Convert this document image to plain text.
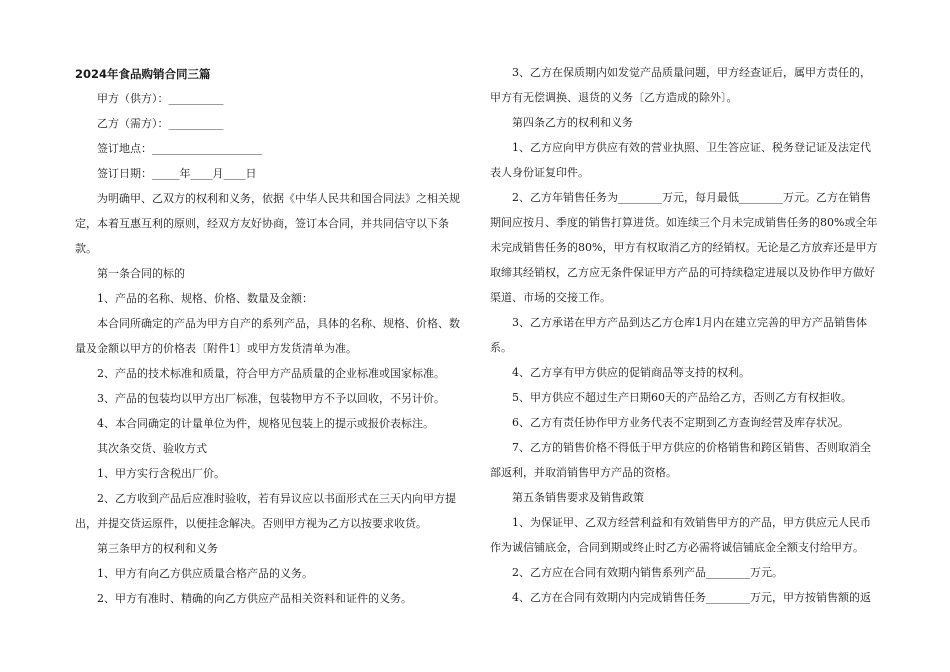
2024年食品购销合同三篇
甲方（供方）：__________
乙方（需方）：__________
签订地点：____________________
签订日期：_____年____月____日
为明确甲、乙双方的权利和义务，依据《中华人民共和国合同法》之相关规定，本着互惠互利的原则，经双方友好协商，签订本合同，并共同信守以下条款。
第一条合同的标的
1、产品的名称、规格、价格、数量及金额：
本合同所确定的产品为甲方自产的系列产品，具体的名称、规格、价格、数量及金额以甲方的价格表〔附件1〕或甲方发货清单为准。
2、产品的技术标准和质量，符合甲方产品质量的企业标准或国家标准。
3、产品的包装均以甲方出厂标准，包装物甲方不予以回收，不另计价。
4、本合同确定的计量单位为件，规格见包装上的提示或报价表标注。
其次条交货、验收方式
1、甲方实行含税出厂价。
2、乙方收到产品后应准时验收，若有异议应以书面形式在三天内向甲方提出，并提交货运原件，以便挂念解决。否则甲方视为乙方以按要求收货。
第三条甲方的权利和义务
1、甲方有向乙方供应质量合格产品的义务。
2、甲方有准时、精确的向乙方供应产品相关资料和证件的义务。
3、乙方在保质期内如发觉产品质量问题，甲方经查证后，属甲方责任的，甲方有无偿调换、退货的义务〔乙方造成的除外〕。
第四条乙方的权利和义务
1、乙方应向甲方供应有效的营业执照、卫生答应证、税务登记证及法定代表人身份证复印件。
2、乙方年销售任务为________万元，每月最低________万元。乙方在销售期间应按月、季度的销售打算进货。如连续三个月未完成销售任务的80%或全年未完成销售任务的80%，甲方有权取消乙方的经销权。无论是乙方放弃还是甲方取缔其经销权，乙方应无条件保证甲方产品的可持续稳定进展以及协作甲方做好渠道、市场的交接工作。
3、乙方承诺在甲方产品到达乙方仓库1月内在建立完善的甲方产品销售体系。
4、乙方享有甲方供应的促销商品等支持的权利。
5、甲方供应不超过生产日期60天的产品给乙方，否则乙方有权拒收。
6、乙方有责任协作甲方业务代表不定期到乙方查询经营及库存状况。
7、乙方的销售价格不得低于甲方供应的价格销售和跨区销售、否则取消全部返利，并取消销售甲方产品的资格。
第五条销售要求及销售政策
1、为保证甲、乙双方经营利益和有效销售甲方的产品，甲方供应元人民币作为诚信铺底金，合同到期或终止时乙方必需将诚信铺底金全额支付给甲方。
2、乙方应在合同有效期内销售系列产品________万元。
4、乙方在合同有效期内内完成销售任务________万元，甲方按销售额的返
